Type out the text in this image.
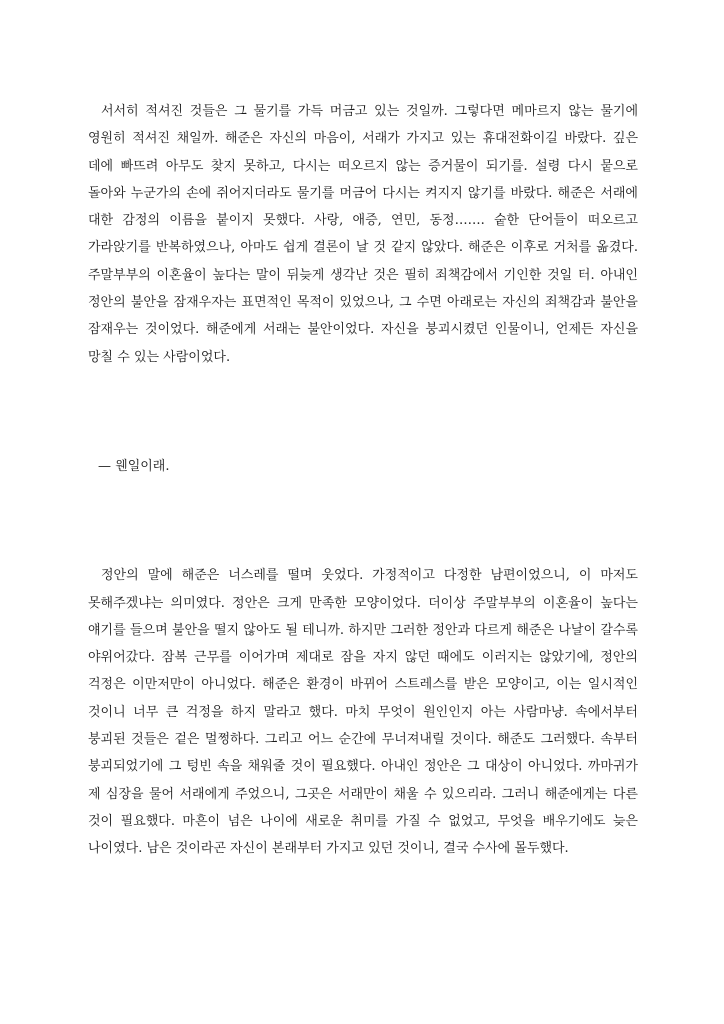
서서히 적셔진 것들은 그 물기를 가득 머금고 있는 것일까. 그렇다면 메마르지 않는 물기에 영원히 적셔진 채일까. 해준은 자신의 마음이, 서래가 가지고 있는 휴대전화이길 바랐다. 깊은 데에 빠뜨려 아무도 찾지 못하고, 다시는 떠오르지 않는 증거물이 되기를. 설령 다시 뭍으로 돌아와 누군가의 손에 쥐어지더라도 물기를 머금어 다시는 켜지지 않기를 바랐다. 해준은 서래에 대한 감정의 이름을 붙이지 못했다. 사랑, 애증, 연민, 동정……. 숱한 단어들이 떠오르고 가라앉기를 반복하였으나, 아마도 쉽게 결론이 날 것 같지 않았다. 해준은 이후로 거처를 옮겼다. 주말부부의 이혼율이 높다는 말이 뒤늦게 생각난 것은 필히 죄책감에서 기인한 것일 터. 아내인 정안의 불안을 잠재우자는 표면적인 목적이 있었으나, 그 수면 아래로는 자신의 죄책감과 불안을 잠재우는 것이었다. 해준에게 서래는 불안이었다. 자신을 붕괴시켰던 인물이니, 언제든 자신을 망칠 수 있는 사람이었다.

— 웬일이래.

정안의 말에 해준은 너스레를 떨며 웃었다. 가정적이고 다정한 남편이었으니, 이 마저도 못해주겠냐는 의미였다. 정안은 크게 만족한 모양이었다. 더이상 주말부부의 이혼율이 높다는 얘기를 들으며 불안을 떨지 않아도 될 테니까. 하지만 그러한 정안과 다르게 해준은 나날이 갈수록 야위어갔다. 잠복 근무를 이어가며 제대로 잠을 자지 않던 때에도 이러지는 않았기에, 정안의 걱정은 이만저만이 아니었다. 해준은 환경이 바뀌어 스트레스를 받은 모양이고, 이는 일시적인 것이니 너무 큰 걱정을 하지 말라고 했다. 마치 무엇이 원인인지 아는 사람마냥. 속에서부터 붕괴된 것들은 겉은 멀쩡하다. 그리고 어느 순간에 무너져내릴 것이다. 해준도 그러했다. 속부터 붕괴되었기에 그 텅빈 속을 채워줄 것이 필요했다. 아내인 정안은 그 대상이 아니었다. 까마귀가 제 심장을 물어 서래에게 주었으니, 그곳은 서래만이 채울 수 있으리라. 그러니 해준에게는 다른 것이 필요했다. 마흔이 넘은 나이에 새로운 취미를 가질 수 없었고, 무엇을 배우기에도 늦은 나이였다. 남은 것이라곤 자신이 본래부터 가지고 있던 것이니, 결국 수사에 몰두했다.
